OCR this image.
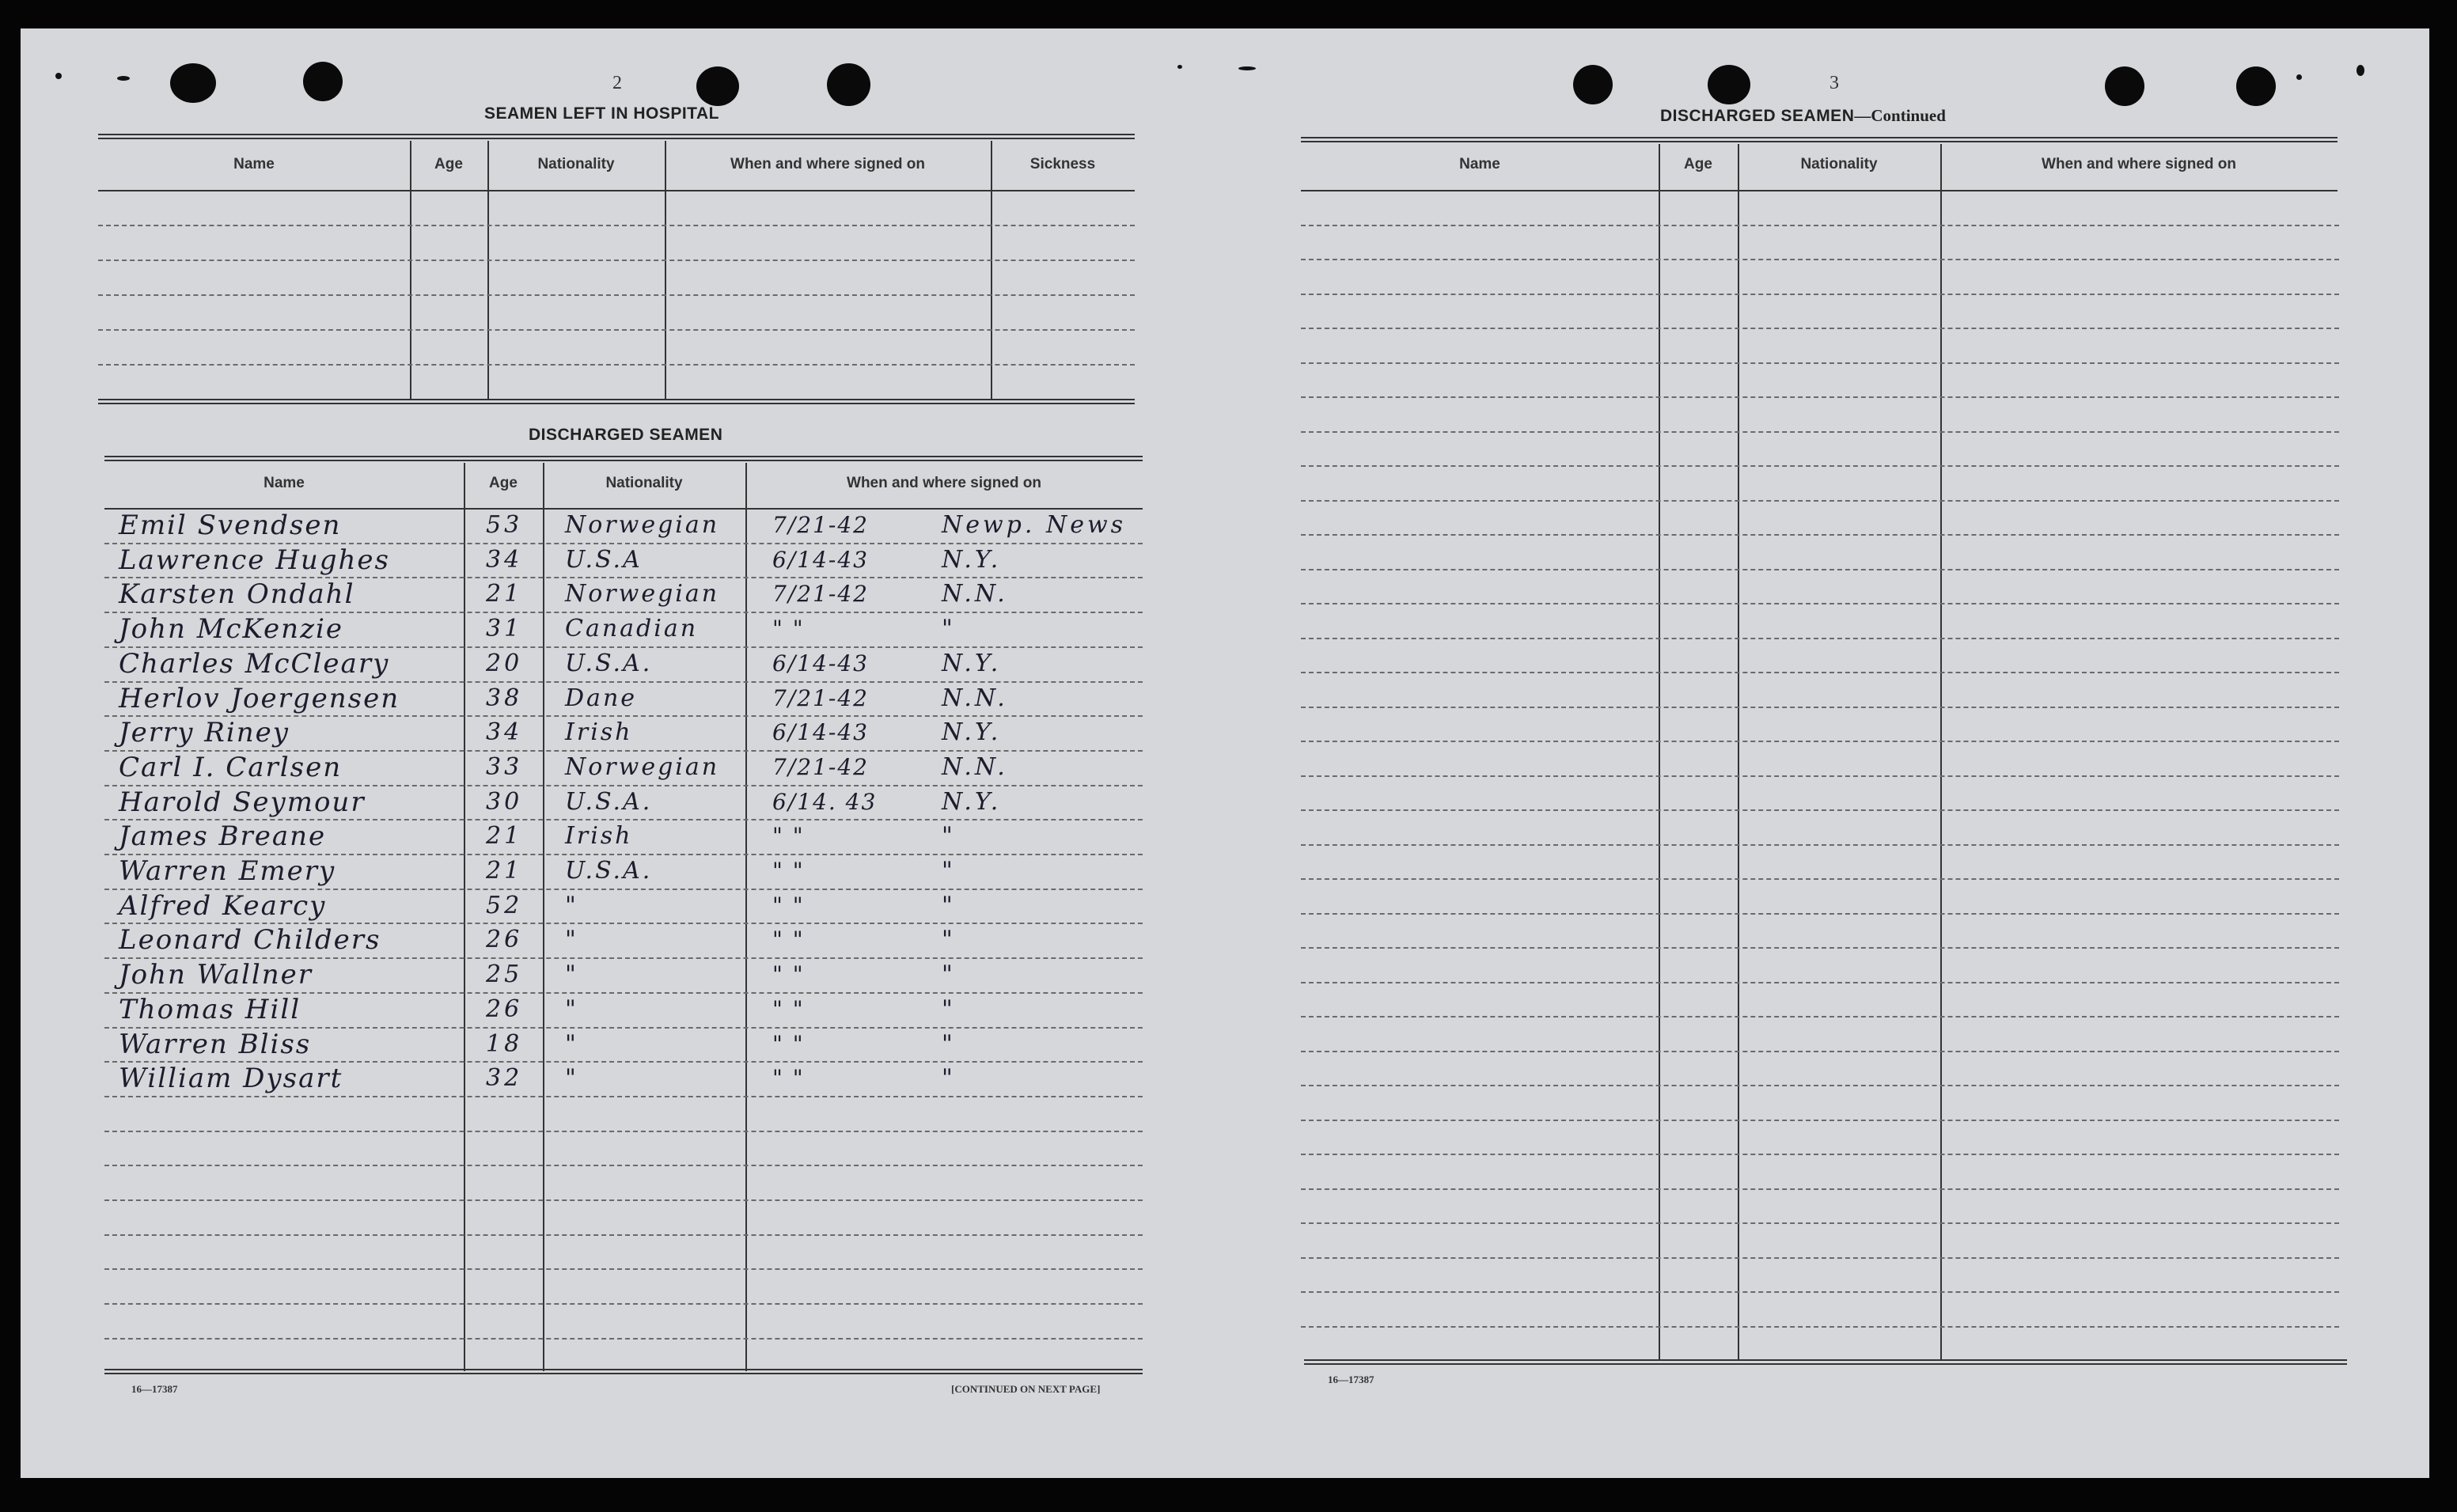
2
SEAMEN LEFT IN HOSPITAL
Name	Age	Nationality	When and where signed on	Sickness
DISCHARGED SEAMEN
Name	Age	Nationality	When and where signed on
Emil Svendsen	53 Norwegian 7/21-42	Newp. News
Lawrence Hughes	34 U.S.A	6/14-43	N.Y.
Karsten Ondahl	21 Norwegian 7/21-42	N.N.
John McKenzie	31 Canadian	" "	"
Charles McCleary	20 U.S.A.	6/14-43	N.Y.
Herlov Joergensen	38 Dane	7/21-42	N.N.
Jerry Riney	34 Irish	6/14-43	N.Y.
Carl I. Carlsen	33 Norwegian 7/21-42	N.N.
Harold Seymour	30 U.S.A.	6/14. 43	N.Y.
James Breane	21 Irish	" "	"
Warren Emery	21 U.S.A.	" "	"
Alfred Kearcy	52 "	" "	"
Leonard Childers	26 "	" "	"
John Wallner	25 "	" "	"
Thomas Hill	26 "	" "	"
Warren Bliss	18 "	" "	"
William Dysart	32 "	" "	"
16—17387	[CONTINUED ON NEXT PAGE]
3
DISCHARGED SEAMEN—Continued
Name	Age	Nationality	When and where signed on
16—17387
